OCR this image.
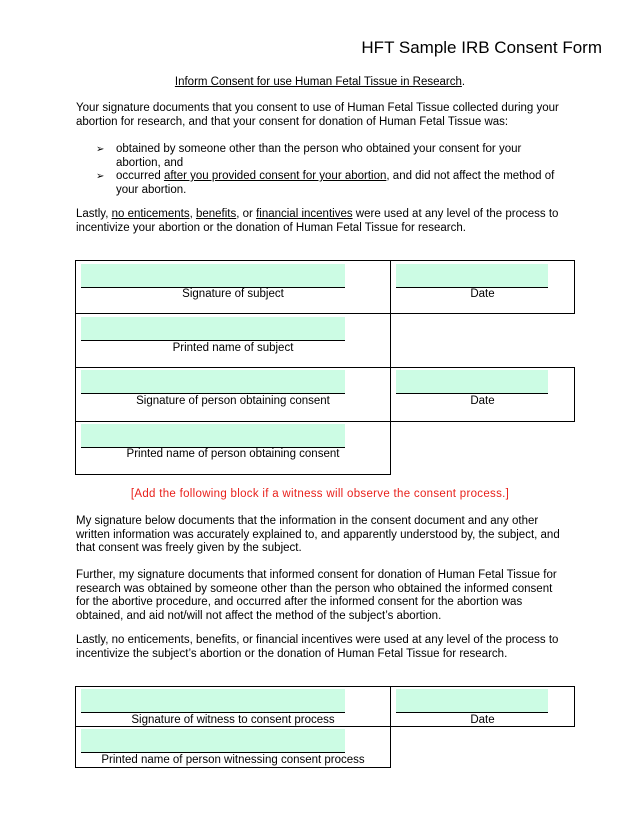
HFT Sample IRB Consent Form
Inform Consent for use Human Fetal Tissue in Research.
Your signature documents that you consent to use of Human Fetal Tissue collected during your abortion for research, and that your consent for donation of Human Fetal Tissue was:
➢ obtained by someone other than the person who obtained your consent for your abortion, and
➢ occurred after you provided consent for your abortion, and did not affect the method of your abortion.
Lastly, no enticements, benefits, or financial incentives were used at any level of the process to incentivize your abortion or the donation of Human Fetal Tissue for research.
Signature of subject	Date
Printed name of subject
Signature of person obtaining consent	Date
Printed name of person obtaining consent
[Add the following block if a witness will observe the consent process.]
My signature below documents that the information in the consent document and any other written information was accurately explained to, and apparently understood by, the subject, and that consent was freely given by the subject.
Further, my signature documents that informed consent for donation of Human Fetal Tissue for research was obtained by someone other than the person who obtained the informed consent for the abortive procedure, and occurred after the informed consent for the abortion was obtained, and aid not/will not affect the method of the subject’s abortion.
Lastly, no enticements, benefits, or financial incentives were used at any level of the process to incentivize the subject’s abortion or the donation of Human Fetal Tissue for research.
Signature of witness to consent process	Date
Printed name of person witnessing consent process
